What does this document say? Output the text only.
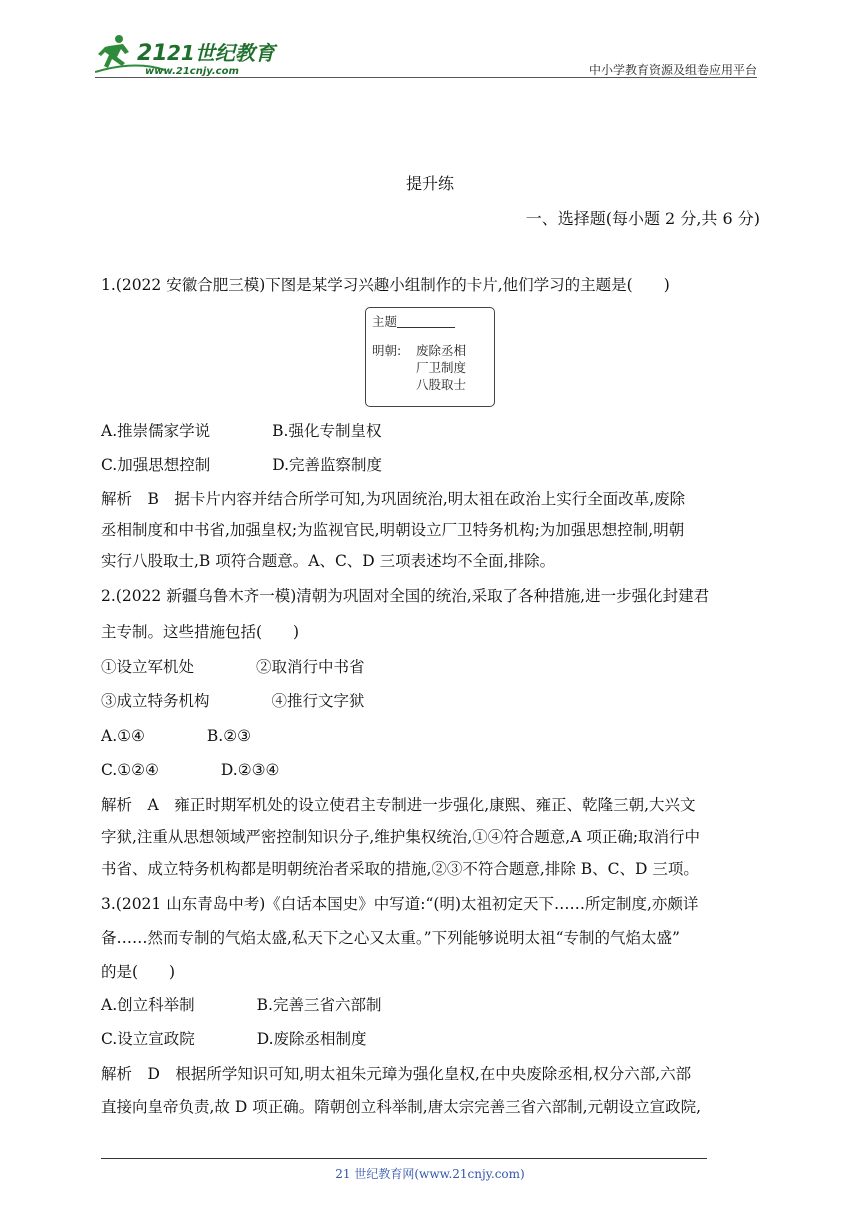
21 21世纪教育
www.21cnjy.com	中小学教育资源及组卷应用平台
提升练
一、选择题(每小题 2 分,共 6 分)
1.(2022 安徽合肥三模)下图是某学习兴趣小组制作的卡片,他们学习的主题是(　　)
主题
明朝: 废除丞相
厂卫制度
八股取士
A.推崇儒家学说　　　　B.强化专制皇权
C.加强思想控制　　　　D.完善监察制度
解析　B　据卡片内容并结合所学可知,为巩固统治,明太祖在政治上实行全面改革,废除
丞相制度和中书省,加强皇权;为监视官民,明朝设立厂卫特务机构;为加强思想控制,明朝
实行八股取士,B 项符合题意。A、C、D 三项表述均不全面,排除。
2.(2022 新疆乌鲁木齐一模)清朝为巩固对全国的统治,采取了各种措施,进一步强化封建君
主专制。这些措施包括(　　)
①设立军机处　　　　②取消行中书省
③成立特务机构　　　　④推行文字狱
A.①④　　　　B.②③
C.①②④　　　　D.②③④
解析　A　雍正时期军机处的设立使君主专制进一步强化,康熙、雍正、乾隆三朝,大兴文
字狱,注重从思想领域严密控制知识分子,维护集权统治,①④符合题意,A 项正确;取消行中
书省、成立特务机构都是明朝统治者采取的措施,②③不符合题意,排除 B、C、D 三项。
3.(2021 山东青岛中考)《白话本国史》中写道:“(明)太祖初定天下……所定制度,亦颇详
备……然而专制的气焰太盛,私天下之心又太重。”下列能够说明太祖“专制的气焰太盛”
的是(　　)
A.创立科举制　　　　B.完善三省六部制
C.设立宣政院　　　　D.废除丞相制度
解析　D　根据所学知识可知,明太祖朱元璋为强化皇权,在中央废除丞相,权分六部,六部
直接向皇帝负责,故 D 项正确。隋朝创立科举制,唐太宗完善三省六部制,元朝设立宣政院,
21 世纪教育网(www.21cnjy.com)
